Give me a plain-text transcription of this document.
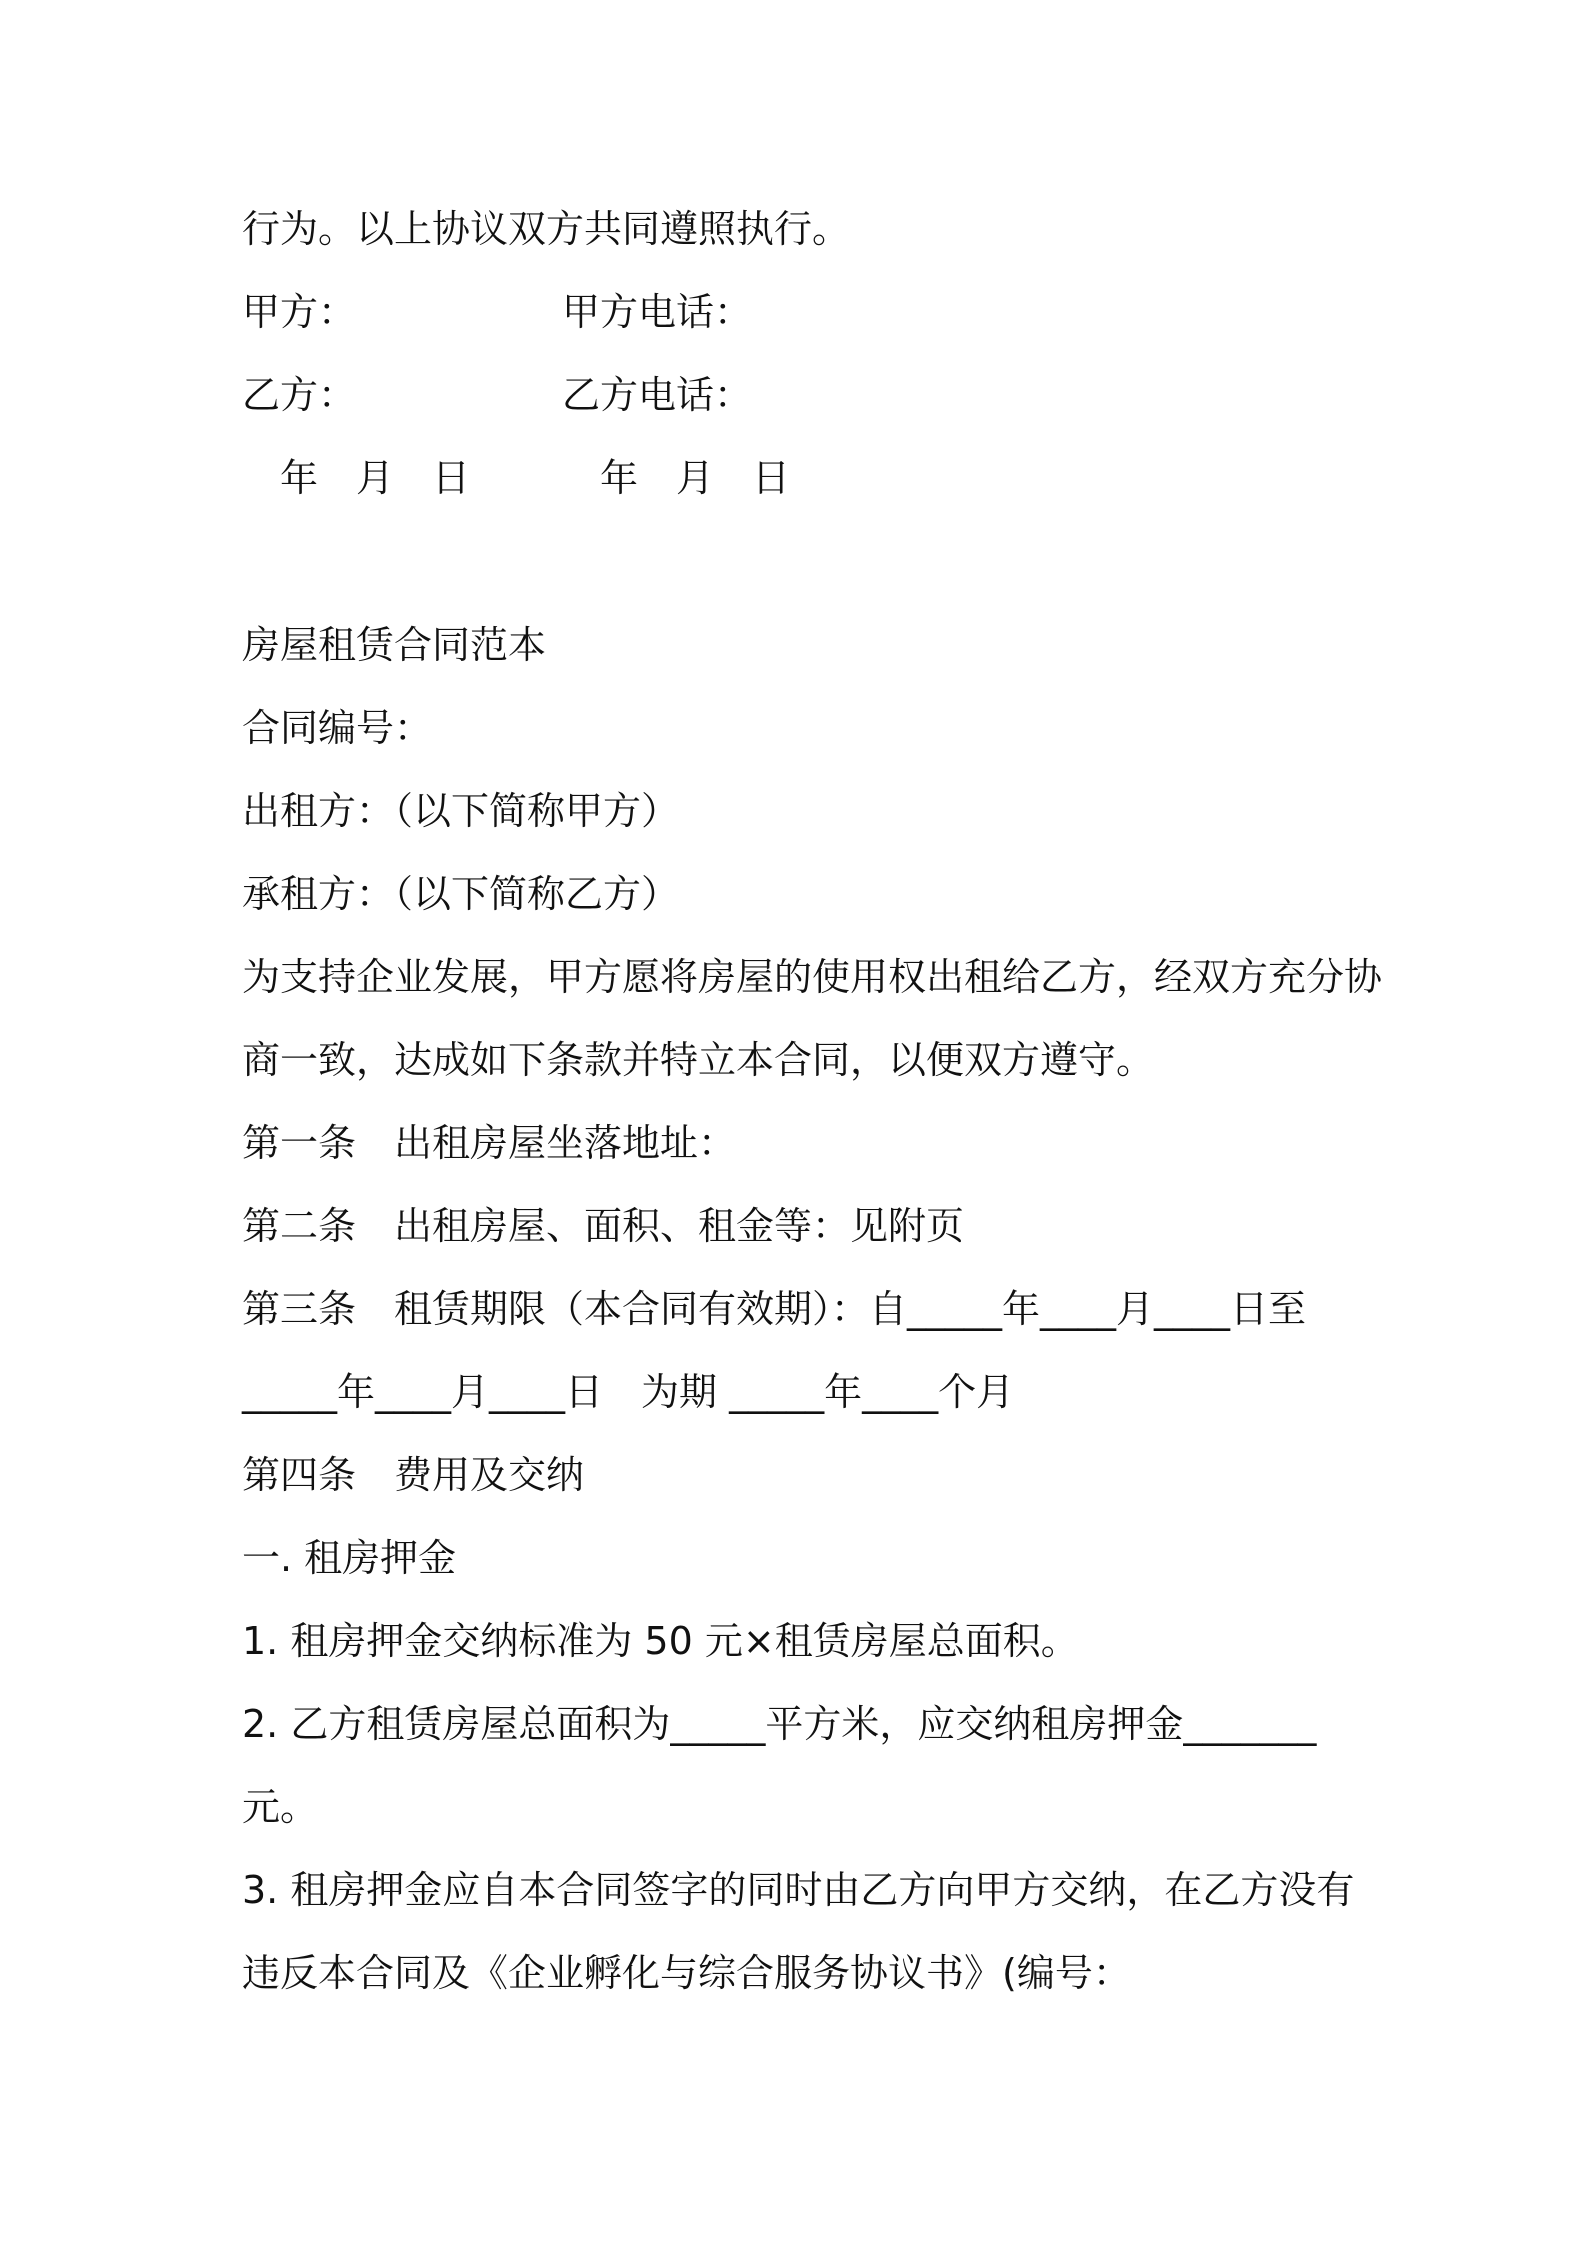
行为。以上协议双方共同遵照执行。
甲方：	甲方电话：
乙方：	乙方电话：
年　月　日	年　月　日
房屋租赁合同范本
合同编号：
出租方：（以下简称甲方）
承租方：（以下简称乙方）
为支持企业发展，甲方愿将房屋的使用权出租给乙方，经双方充分协
商一致，达成如下条款并特立本合同，以便双方遵守。
第一条　出租房屋坐落地址：
第二条　出租房屋、面积、租金等：见附页
第三条　租赁期限（本合同有效期）：自_____年____月____日至
_____年____月____日　为期 _____年____个月
第四条　费用及交纳
一. 租房押金
1. 租房押金交纳标准为 50 元×租赁房屋总面积。
2. 乙方租赁房屋总面积为_____平方米，应交纳租房押金_______
元。
3. 租房押金应自本合同签字的同时由乙方向甲方交纳，在乙方没有
违反本合同及《企业孵化与综合服务协议书》(编号：
